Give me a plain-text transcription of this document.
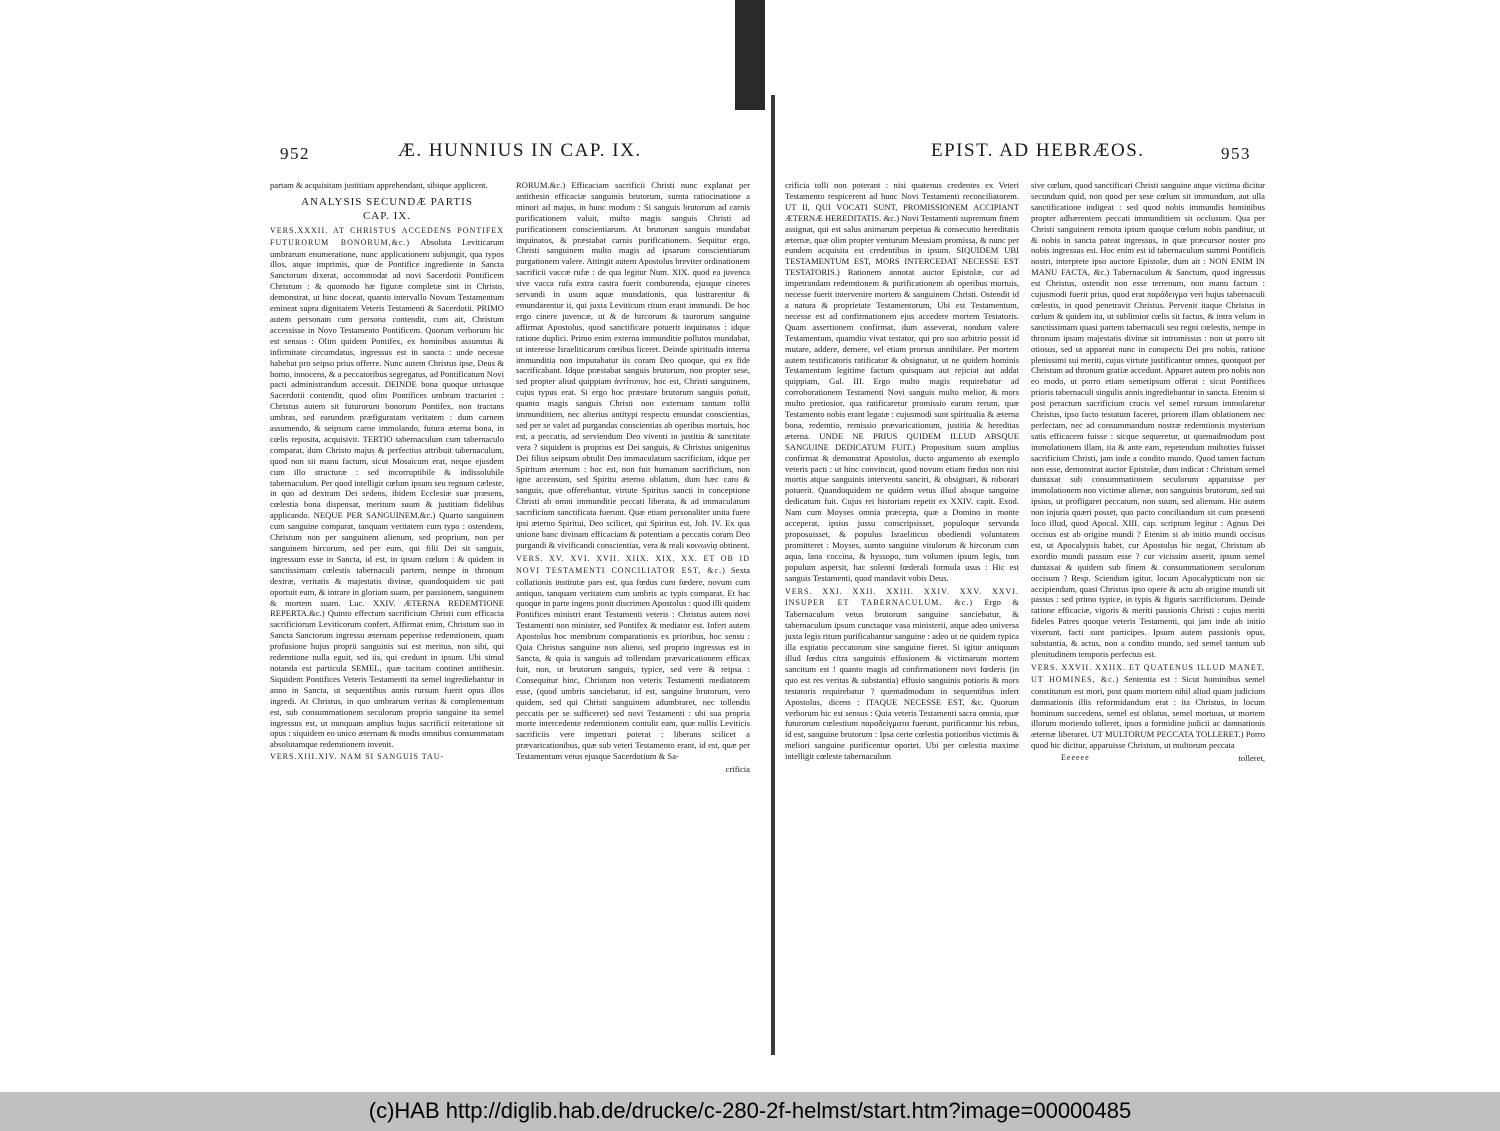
952	Æ. HUNNIUS IN CAP. IX.

partam & acquisitam justitiam apprehendant, sibique applicent.

ANALYSIS SECUNDÆ PARTIS
CAP. IX.

VERS.XXXII. AT CHRISTUS ACCEDENS PONTIFEX FUTURORUM BONORUM,&c.) Absoluta Leviticarum umbrarum enumeratione, nunc applicationem subjungit, qua typos illos, atque imprimis, quæ de Pontifice ingrediente in Sancta Sanctorum dixerat, accommodat ad novi Sacerdotii Pontificem Christum : & quomodo hæ figuræ completæ sint in Christo, demonstrat, ut hinc doceat, quanto intervallo Novum Testamentum emineat supra dignitatem Veteris Testamenti & Sacerdotii. PRIMO autem personam cum persona contendit, cum ait, Christum accessisse in Novo Testamento Pontificem. Quorum verborum hic est sensus : Olim quidem Pontifex, ex hominibus assumtus & infirmitate circumdatus, ingressus est in sancta : unde necesse habebat pro seipso prius offerre. Nunc autem Christus ipse, Deus & homo, innocens, & a peccatoribus segregatus, ad Pontificatum Novi pacti administrandum accessit. DEINDE bona quoque utriusque Sacerdotii contendit, quod olim Pontifices umbram tractarint : Christus autem sit futurorum bonorum Pontifex, non tractans umbras, sed earundem præfiguratam veritatem : dum carnem assumendo, & seipsum carne immolando, futura æterna bona, in cœlis reposita, acquisivit. TERTIO tabernaculum cum tabernaculo comparat, dum Christo majus & perfectius attribuit tabernaculum, quod non sit manu factum, sicut Mosaicum erat, neque ejusdem cum illo structuræ : sed incorruptibile & indissolubile tabernaculum. Per quod intelligit cœlum ipsum seu regnum cæleste, in quo ad dextram Dei sedens, ibidem Ecclesiæ suæ præsens, cœlestia bona dispensat, meritum suum & justitiam fidelibus applicando. NEQUE PER SANGUINEM.&c.) Quarto sanguinem cum sanguine comparat, tanquam veritatem cum typo : ostendens, Christum non per sanguinem alienum, sed proprium, non per sanguinem hircorum, sed per eum, qui filii Dei sit sanguis, ingressum esse in Sancta, id est, in ipsum cœlum : & quidem in sanctissimam cœlestis tabernaculi partem, nempe in thronum dextræ, veritatis & majestatis divinæ, quandoquidem sic pati oportuit eum, & intrare in gloriam suam, per passionem, sanguinem & mortem suam. Luc. XXIV. ÆTERNA REDEMTIONE REPERTA.&c.) Quinto effectum sacrificium Christi cum efficacia sacrificiorum Leviticorum confert. Affirmat enim, Christum suo in Sancta Sanctorum ingressu æternam peperisse redemtionem, quam profusione hujus proprii sanguinis sui est meritus, non sibi, qui redemtione nulla eguit, sed iis, qui credunt in ipsum. Ubi simul notanda est particula SEMEL, quæ tacitam continet antithesin. Siquidem Pontifices Veteris Testamenti ita semel ingrediebantur in anno in Sancta, ut sequentibus annis rursum fuerit opus illos ingredi. At Christus, in quo umbrarum veritas & complementum est, sub consummationem seculorum proprio sanguine ita semel ingressus est, ut nunquam amplius hujus sacrificii reiteratione sit opus : siquidem eo unico æternam & modis omnibus consummatam absolutamque redemtionem invenit.

VERS.XIII.XIV. NAM SI SANGUIS TAU-

RORUM.&c.) Efficaciam sacrificii Christi nunc explanat per antithesin efficaciæ sanguinis brutorum, sumta ratiocinatione a minori ad majus, in hunc modum : Si sanguis brutorum ad carnis purificationem valuit, multo magis sanguis Christi ad purificationem conscientiarum. At brutorum sanguis mundabat inquinatos, & præstabat carnis purificationem. Sequitur ergo, Christi sanguinem multo magis ad ipsarum conscientiarum purgationem valere. Attingit autem Apostolus breviter ordinationem sacrificii vaccæ rufæ : de qua legitur Num. XIX. quod ea juvenca sive vacca rufa extra castra fuerit comburenda, ejusque cineres servandi in usum aquæ mundationis, qua lustrarentur & emundarentur ii, qui juxta Leviticum ritum erant immundi. De hoc ergo cinere juvencæ, ut & de hircorum & taurorum sanguine affirmat Apostolus, quod sanctificare potuerit inquinatos : idque ratione duplici. Primo enim externa immunditie pollutos mundabat, ut interesse Israeliticarum cœtibus liceret. Deinde spiritualis interna immunditia non imputabatur iis coram Deo quoque, qui ex fide sacrificabant. Idque præstabat sanguis brutorum, non propter sese, sed propter aliud quippiam ἀντίτυπον, hoc est, Christi sanguinem, cujus typus erat. Si ergo hoc præstare brutorum sanguis potuit, quanto magis sanguis Christi non externam tantum tollit immunditiem, nec alterius antitypi respectu emundat conscientias, sed per se valet ad purgandas conscientias ab operibus mortuis, hoc est, a peccatis, ad serviendum Deo viventi in justitia & sanctitate vera ? siquidem is proprius est Dei sanguis, & Christus unigenitus Dei filius seipsum obtulit Deo immaculatum sacrificium, idque per Spiritum æternum : hoc est, non fuit humanum sacrificium, non igne accensum, sed Spiritu æterno oblatum, dum hæc caro & sanguis, quæ offerebantur, virtute Spiritus sancti in conceptione Christi ab omni immunditie peccati liberata, & ad immaculatum sacrificium sanctificata fuerunt. Quæ etiam personaliter unita fuere ipsi æterno Spiritui, Deo scilicet, qui Spiritus est, Joh. IV. Ex qua unione hanc divinam efficaciam & potentiam a peccatis coram Deo purgandi & vivificandi conscientias, vera & reali κοινωνίᾳ obtinent.

VERS. XV. XVI. XVII. XIIX. XIX. XX. ET OB ID NOVI TESTAMENTI CONCILIATOR EST, &c.) Sexta collationis institutæ pars est, qua fœdus cum fœdere, novum cum antiquo, tanquam veritatem cum umbris ac typis comparat. Et hac quoque in parte ingens ponit discrimen Apostolus : quod illi quidem Pontifices ministri erant Testamenti veteris : Christus autem novi Testamenti non minister, sed Pontifex & mediator est. Infert autem Apostolus hoc membrum comparationis ex prioribus, hoc sensu : Quia Christus sanguine non alieno, sed proprio ingressus est in Sancta, & quia is sanguis ad tollendam prævaricationem efficax fuit, non, ut brutorum sanguis, typice, sed vere & reipsa : Consequitur hinc, Christum non veteris Testamenti mediatorem esse, (quod umbris sanciebatur, id est, sanguine brutorum, vero quidem, sed qui Christi sanguinem adumbraret, nec tollendis peccatis per se sufficeret) sed novi Testamenti : ubi sua propria morte intercedente redemtionem contulit eam, quæ nullis Leviticis sacrificiis vere impetrari poterat : liberans scilicet a prævaricationibus, quæ sub veteri Testamento erant, id est, quæ per Testamentum vetus ejusque Sacerdotium & Sa-

crificia

EPIST. AD HEBRÆOS.	953

crificia tolli non poterant : nisi quatenus credentes ex Veteri Testamento respicerent ad hunc Novi Testamenti reconciliatorem. UT II, QUI VOCATI SUNT, PROMISSIONEM ACCIPIANT ÆTERNÆ HEREDITATIS. &c.) Novi Testamenti supremum finem assignat, qui est salus animarum perpetua & consecutio hereditatis æternæ, quæ olim propter venturum Messiam promissa, & nunc per eundem acquisita est credentibus in ipsum. SIQUIDEM UBI TESTAMENTUM EST, MORS INTERCEDAT NECESSE EST TESTATORIS.) Rationem annotat auctor Epistolæ, cur ad impetrandam redemtionem & purificationem ab operibus mortuis, necesse fuerit intervenire mortem & sanguinem Christi. Ostendit id a natura & proprietate Testamentorum, Ubi est Testamentum, necesse est ad confirmationem ejus accedere mortem Testatoris. Quam assertionem confirmat, dum asseverat, nondum valere Testamentum, quamdiu vivat testator, qui pro suo arbitrio possit id mutare, addere, demere, vel etiam prorsus annihilare. Per mortem autem testificatoris ratificatur & obsignatur, ut ne quidem hominis Testamentum legitime factum quisquam aut rejiciat aut addat quippiam, Gal. III. Ergo multo magis requirebatur ad corroborationem Testamenti Novi sanguis multo melior, & mors multo pretiosior, qua ratificaretur promissio earum rerum, quæ Testamento nobis erant legatæ : cujusmodi sunt spiritualia & æterna bona, redemtio, remissio prævaricationum, justitia & hereditas æterna. UNDE NE PRIUS QUIDEM ILLUD ABSQUE SANGUINE DEDICATUM FUIT.) Propositum suum amplius confirmat & demonstrat Apostolus, ducto argumento ab exemplo veteris pacti : ut hinc convincat, quod novum etiam fœdus non nisi mortis atque sanguinis interventu sanciri, & obsignari, & roborari potuerit. Quandoquidem ne quidem vetus illud absque sanguine dedicatum fuit. Cujus rei historiam repetit ex XXIV. capit. Exod. Nam cum Moyses omnia præcepta, quæ a Domino in monte acceperat, ipsius jussu conscripsisset, populoque servanda proposuisset, & populus Israeliticus obediendi voluntatem promitteret : Moyses, sumto sanguine vitulorum & hircorum cum aqua, lana coccina, & hyssopo, tum volumen ipsum legis, tum populum aspersit, hac solenni fœderali formula usus : Hic est sanguis Testamenti, quod mandavit vobis Deus.

VERS. XXI. XXII. XXIII. XXIV. XXV. XXVI. INSUPER ET TABERNACULUM. &c.) Ergo & Tabernaculum vetus brutorum sanguine sanciebatur, & tabernaculum ipsum cunctaque vasa ministerii, atque adeo universa juxta legis ritum purificabantur sanguine : adeo ut ne quidem typica illa expiatio peccatorum sine sanguine fieret. Si igitur antiquum illud fœdus citra sanguinis effusionem & victimarum mortem sancitum est ! quanto magis ad confirmationem novi fœderis (in quo est res veritas & substantia) effusio sanguinis potioris & mors testatoris requirebatur ? quemadmodum in sequentibus infert Apostolus, dicens : ITAQUE NECESSE EST, &c. Quorum verborum hic est sensus : Quia veteris Testamenti sacra omnia, quæ futurorum cœlestium παραδείγματα fuerunt, purificantur his rebus, id est, sanguine brutorum : Ipsa certe cœlestia potioribus victimis & meliori sanguine purificentur oportet. Ubi per cœlestia maxime intelligit cœleste tabernaculum

sive cœlum, quod sanctificari Christi sanguine atque victima dicitur secundum quid, non quod per sese cœlum sit immundum, aut ulla sanctificatione indigeat : sed quod nobis immundis hominibus propter adhærentem peccati immunditiem sit occlusum. Qua per Christi sanguinem remota ipsum quoque cœlum nobis panditur, ut & nobis in sancta pateat ingressus, in quæ præcursor noster pro nobis ingressus est. Hoc enim est id tabernaculum summi Pontificis nostri, interprete ipso auctore Epistolæ, dum ait : NON ENIM IN MANU FACTA, &c.) Tabernaculum & Sanctum, quod ingressus est Christus, ostendit non esse terrenum, non manu factum : cujusmodi fuerit prius, quod erat παράδειγμα veri hujus tabernaculi cœlestis, in quod penetravit Christus. Pervenit itaque Christus in cœlum & quidem ita, ut sublimior cœlis sit factus, & intra velum in sanctissimam quasi partem tabernaculi seu regni cœlestis, nempe in thronum ipsum majestatis divinæ sit intromissus : non ut porro sit otiosus, sed ut appareat nunc in conspectu Dei pro nobis, ratione plenissimi sui meriti, cujus virtute justificantur omnes, quotquot per Christum ad thronum gratiæ accedunt. Apparet autem pro nobis non eo modo, ut porro etiam semetipsum offerat : sicut Pontifices prioris tabernaculi singulis annis ingrediebantur in sancta. Etenim si post peractum sacrificium crucis vel semel rursum immolaretur Christus, ipso facto testatum faceret, priorem illam oblationem nec perfectam, nec ad consummandum nostræ redemtionis mysterium satis efficacem fuisse : sicque sequeretur, ut quemadmodum post immolationem illam, ita & ante eam, repetendum multoties fuisset sacrificium Christi, jam inde a condito mundo. Quod tamen factum non esse, demonstrat auctor Epistolæ, dum indicat : Christum semel duntaxat sub consummationem seculorum apparuisse per immolationem non victimæ alienæ, non sanguinis brutorum, sed sui ipsius, ut profligaret peccatum, non suum, sed alienum. Hic autem non injuria quæri posset, quo pacto conciliandum sit cum præsenti loco illud, quod Apocal. XIII. cap. scriptum legitur : Agnus Dei occisus est ab origine mundi ? Etenim si ab initio mundi occisus est, ut Apocalypsis habet, cur Apostolus hic negat, Christum ab exordio mundi passum esse ? cur vicissim asserit, ipsum semel duntaxat & quidem sub finem & consummationem seculorum occisum ? Resp. Sciendum igitur, locum Apocalypticum non sic accipiendum, quasi Christus ipso opere & actu ab origine mundi sit passus : sed primo typice, in typis & figuris sacrificiorum. Deinde ratione efficaciæ, vigoris & meriti passionis Christi : cujus meriti fideles Patres quoque veteris Testamenti, qui jam inde ab initio vixerunt, facti sunt participes. Ipsum autem passionis opus, substantia, & actus, non a condito mundo, sed semel tantum sub plenitudinem temporis perfectus est.

VERS. XXVII. XXIIX. ET QUATENUS ILLUD MANET, UT HOMINES, &c.) Sententia est : Sicut hominibus semel constitutum est mori, post quam mortem nihil aliud quam judicium damnationis illis reformidandum erat : ita Christus, in locum hominum succedens, semel est oblatus, semel mortuus, ut mortem illorum moriendo tolleret, ipsos a formidine judicii ac damnationis æternæ liberaret. UT MULTORUM PECCATA TOLLERET.) Porro quod hic dicitur, apparuisse Christum, ut multorum peccata

Eeeeee	tolleret,

(c)HAB http://diglib.hab.de/drucke/c-280-2f-helmst/start.htm?image=00000485
